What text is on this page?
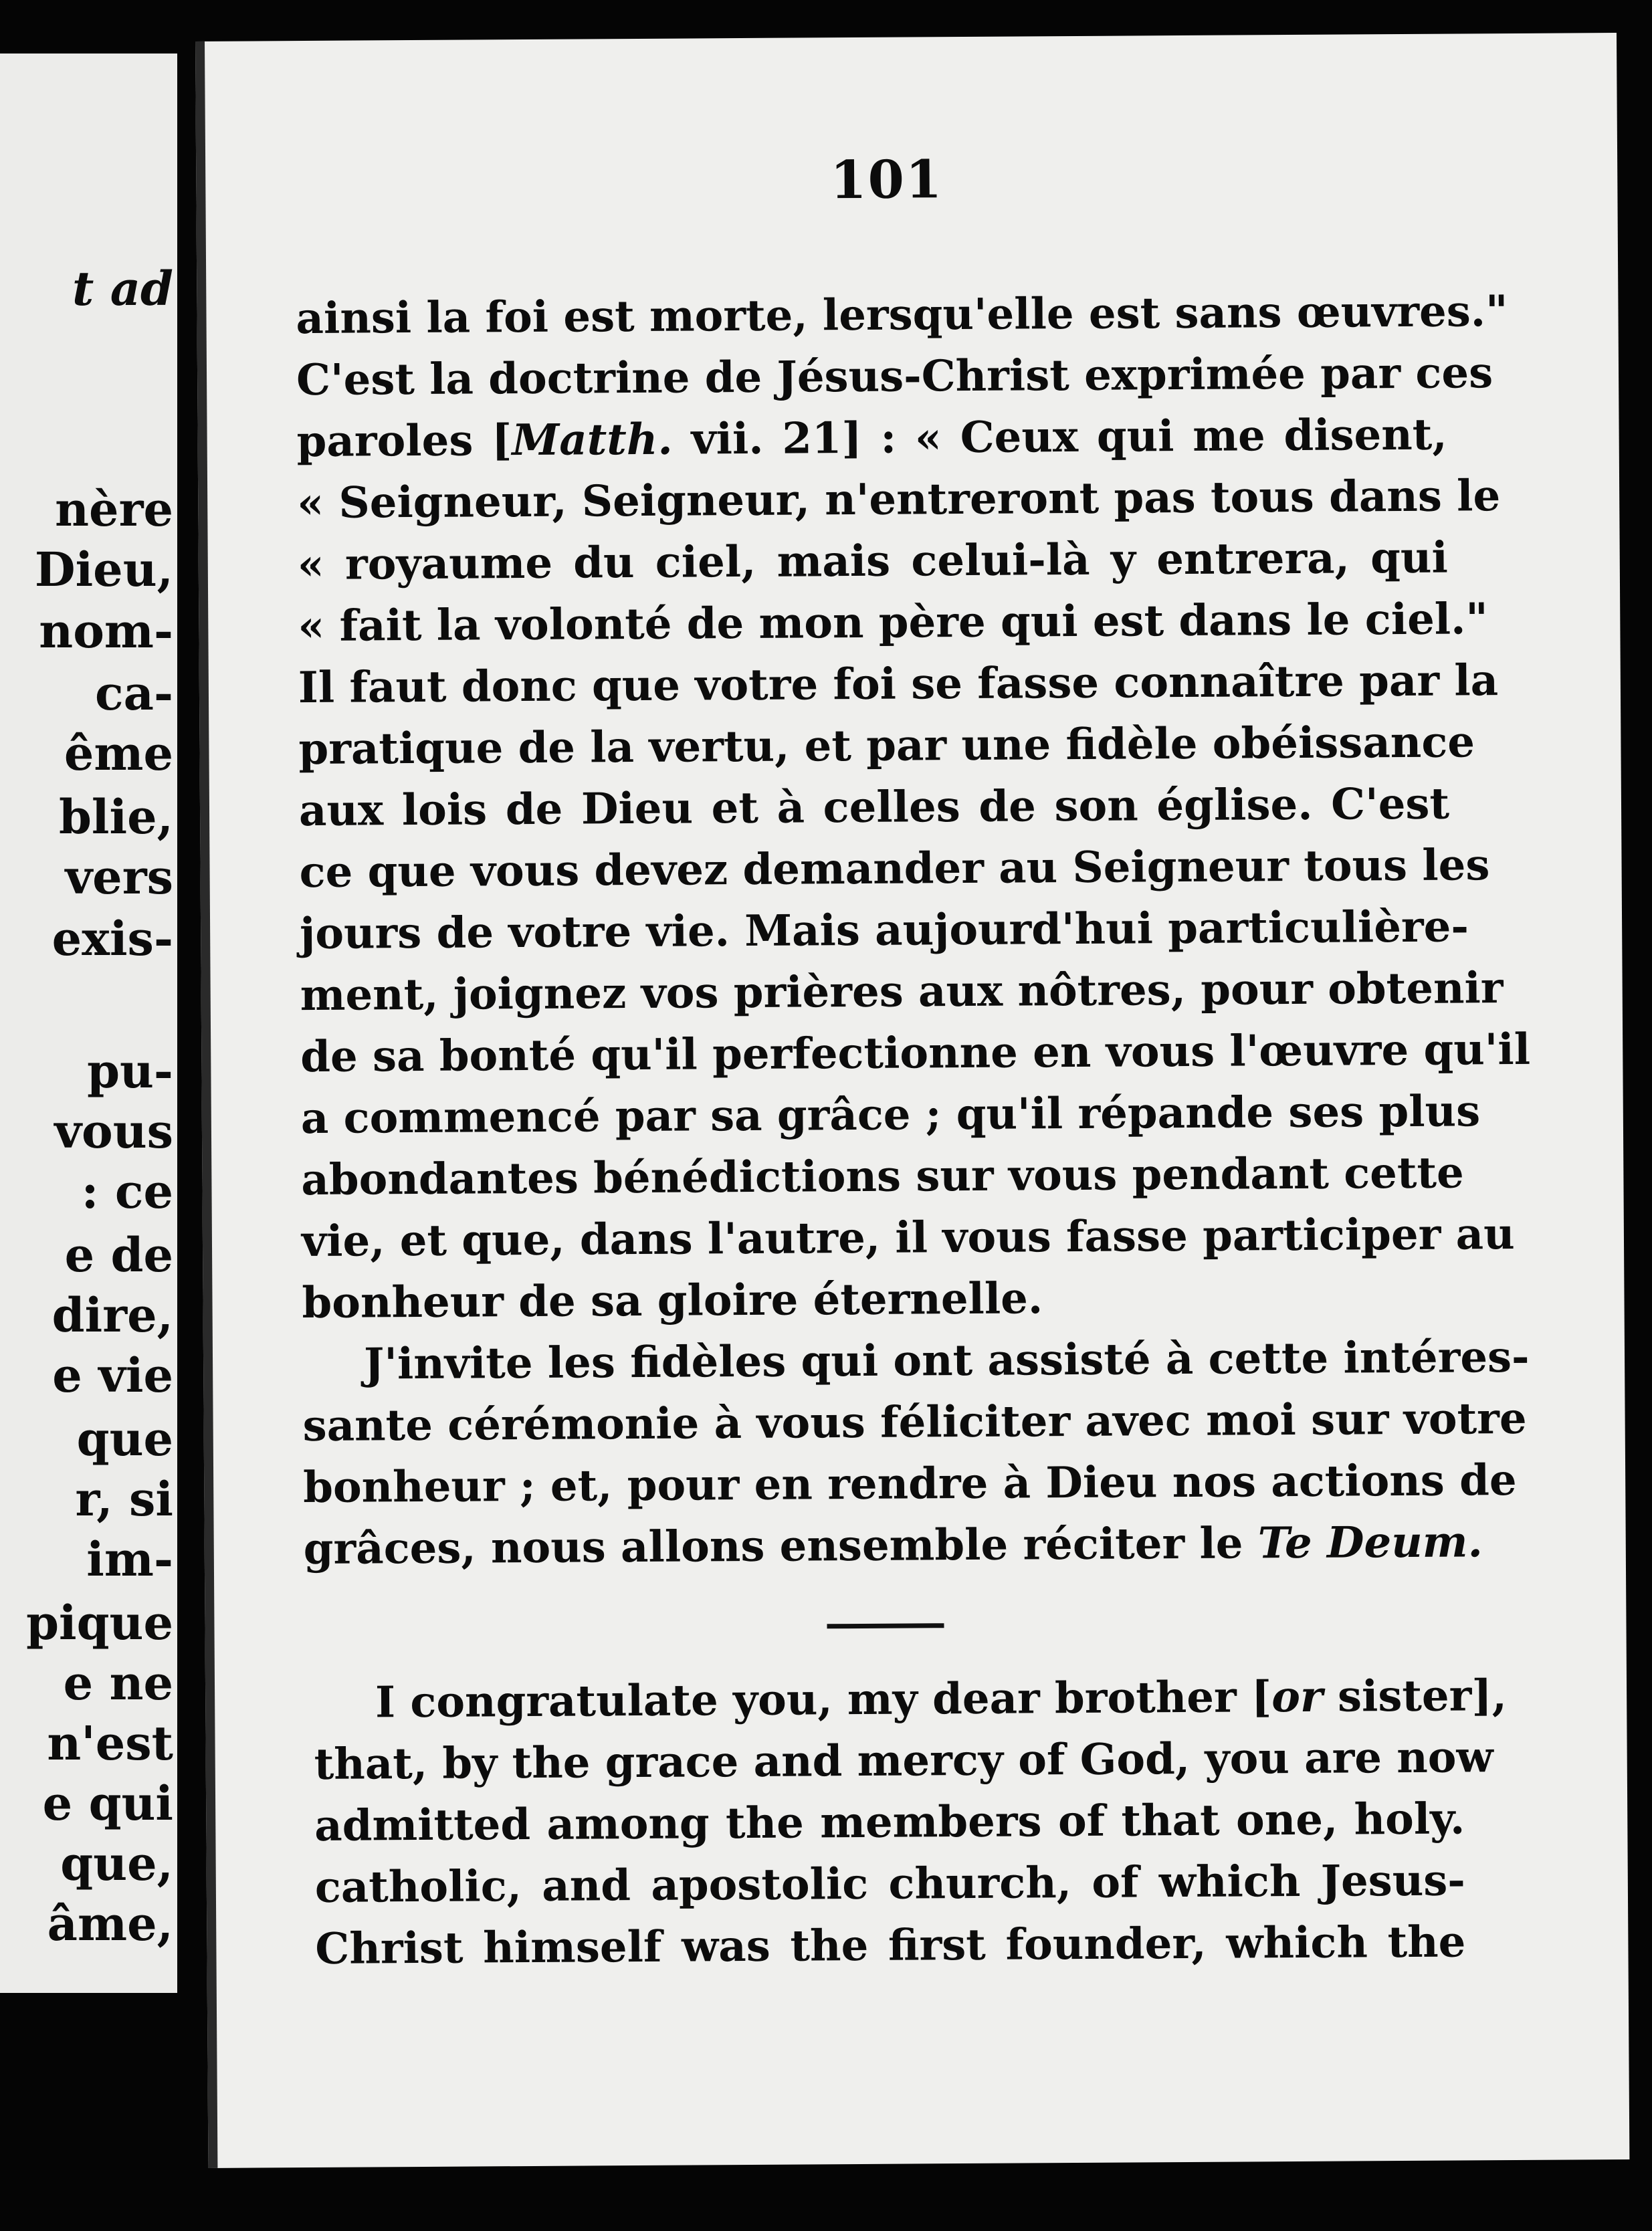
t ad
nère
Dieu,
nom-
ca-
ême
blie,
vers
exis-
pu-
vous
: ce
e de
dire,
e vie
que
r, si
im-
pique
e ne
n'est
e qui
que,
âme,
101
ainsi la foi est morte, lersqu'elle est sans œuvres."
C'est la doctrine de Jésus-Christ exprimée par ces
paroles [Matth. vii. 21] : « Ceux qui me disent,
« Seigneur, Seigneur, n'entreront pas tous dans le
« royaume du ciel, mais celui-là y entrera, qui
« fait la volonté de mon père qui est dans le ciel."
Il faut donc que votre foi se fasse connaître par la
pratique de la vertu, et par une fidèle obéissance
aux lois de Dieu et à celles de son église. C'est
ce que vous devez demander au Seigneur tous les
jours de votre vie. Mais aujourd'hui particulière-
ment, joignez vos prières aux nôtres, pour obtenir
de sa bonté qu'il perfectionne en vous l'œuvre qu'il
a commencé par sa grâce ; qu'il répande ses plus
abondantes bénédictions sur vous pendant cette
vie, et que, dans l'autre, il vous fasse participer au
bonheur de sa gloire éternelle.
J'invite les fidèles qui ont assisté à cette intéres-
sante cérémonie à vous féliciter avec moi sur votre
bonheur ; et, pour en rendre à Dieu nos actions de
grâces, nous allons ensemble réciter le Te Deum.
I congratulate you, my dear brother [or sister],
that, by the grace and mercy of God, you are now
admitted among the members of that one, holy.
catholic, and apostolic church, of which Jesus-
Christ himself was the first founder, which the
